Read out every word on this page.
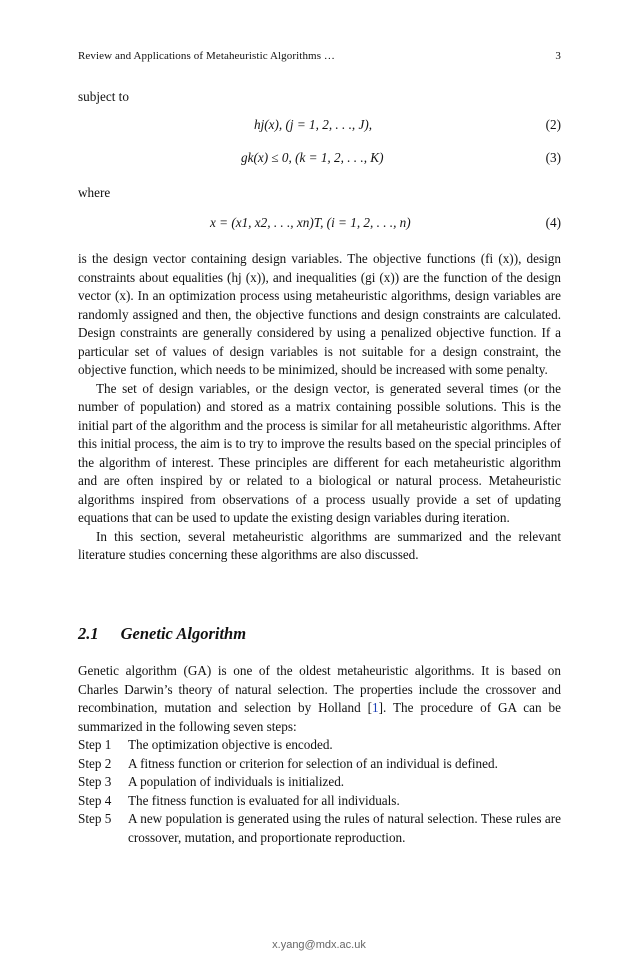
Review and Applications of Metaheuristic Algorithms …	3
subject to
hj(x), (j = 1, 2, . . ., J),	(2)
gk(x) ≤ 0, (k = 1, 2, . . ., K)	(3)
where
x = (x1, x2, . . ., xn)T, (i = 1, 2, . . ., n)	(4)

is the design vector containing design variables. The objective functions (fi (x)), design constraints about equalities (hj (x)), and inequalities (gi (x)) are the function of the design vector (x). In an optimization process using metaheuristic algorithms, design variables are randomly assigned and then, the objective functions and design constraints are calculated. Design constraints are generally considered by using a penalized objective function. If a particular set of values of design variables is not suitable for a design constraint, the objective function, which needs to be minimized, should be increased with some penalty.

The set of design variables, or the design vector, is generated several times (or the number of population) and stored as a matrix containing possible solutions. This is the initial part of the algorithm and the process is similar for all metaheuristic algorithms. After this initial process, the aim is to try to improve the results based on the special principles of the algorithm of interest. These principles are different for each metaheuristic algorithm and are often inspired by or related to a biological or natural process. Metaheuristic algorithms inspired from observations of a process usually provide a set of updating equations that can be used to update the existing design variables during iteration.

In this section, several metaheuristic algorithms are summarized and the relevant literature studies concerning these algorithms are also discussed.

2.1 Genetic Algorithm
Genetic algorithm (GA) is one of the oldest metaheuristic algorithms. It is based on Charles Darwin’s theory of natural selection. The properties include the crossover and recombination, mutation and selection by Holland [1]. The procedure of GA can be summarized in the following seven steps:
Step 1	The optimization objective is encoded.
Step 2	A fitness function or criterion for selection of an individual is defined.
Step 3	A population of individuals is initialized.
Step 4	The fitness function is evaluated for all individuals.
Step 5	A new population is generated using the rules of natural selection. These rules are crossover, mutation, and proportionate reproduction.
x.yang@mdx.ac.uk
